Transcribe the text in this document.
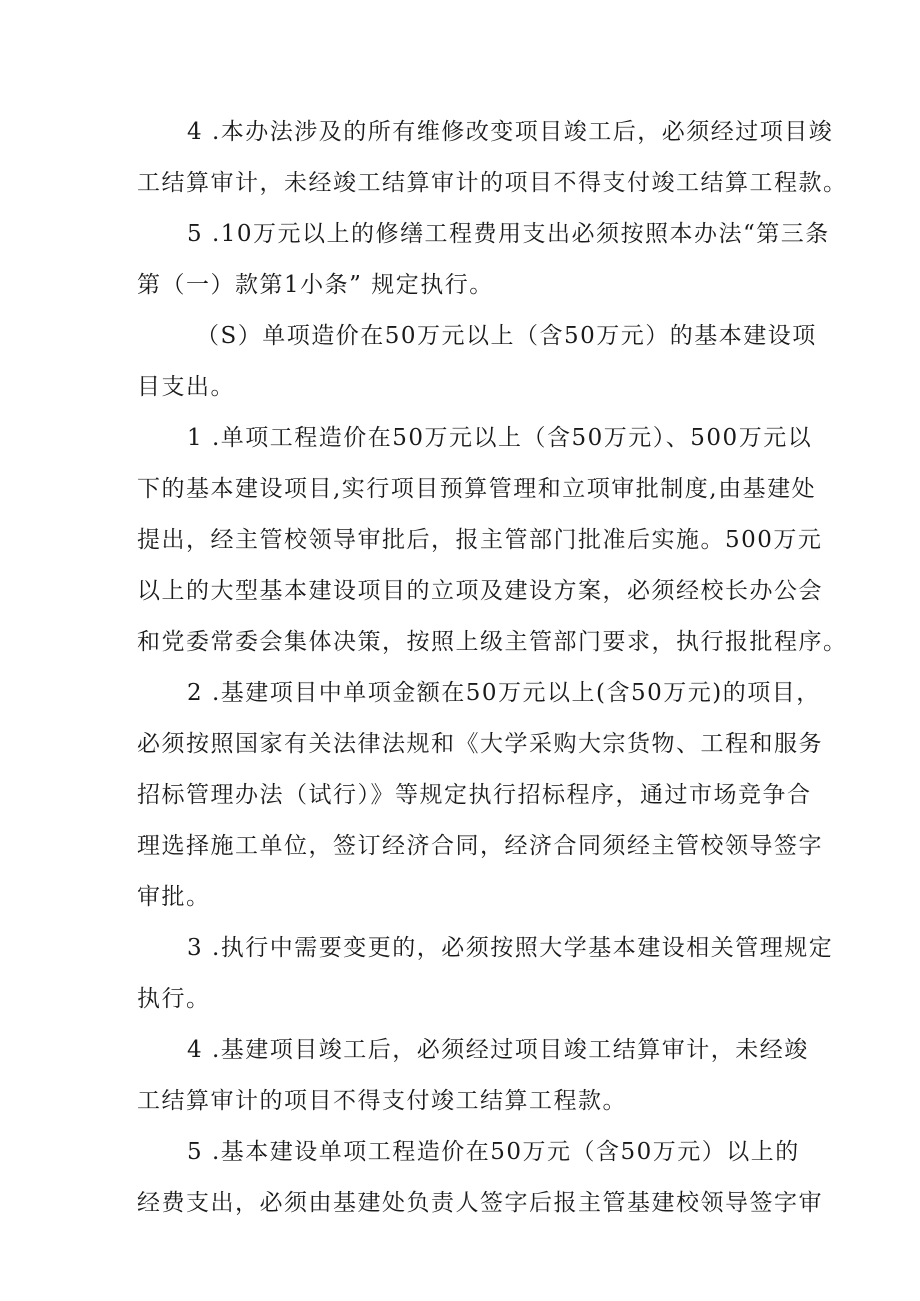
4 .本办法涉及的所有维修改变项目竣工后，必须经过项目竣
工结算审计，未经竣工结算审计的项目不得支付竣工结算工程款。
5 .10万元以上的修缮工程费用支出必须按照本办法“第三条
第（一）款第1小条” 规定执行。
（S）单项造价在50万元以上（含50万元）的基本建设项
目支出。
1 .单项工程造价在50万元以上（含50万元）、500万元以
下的基本建设项目,实行项目预算管理和立项审批制度,由基建处
提出，经主管校领导审批后，报主管部门批准后实施。500万元
以上的大型基本建设项目的立项及建设方案，必须经校长办公会
和党委常委会集体决策，按照上级主管部门要求，执行报批程序。
2 .基建项目中单项金额在50万元以上(含50万元)的项目，
必须按照国家有关法律法规和《大学采购大宗货物、工程和服务
招标管理办法（试行）》等规定执行招标程序，通过市场竞争合
理选择施工单位，签订经济合同，经济合同须经主管校领导签字
审批。
3 .执行中需要变更的，必须按照大学基本建设相关管理规定
执行。
4 .基建项目竣工后，必须经过项目竣工结算审计，未经竣
工结算审计的项目不得支付竣工结算工程款。
5 .基本建设单项工程造价在50万元（含50万元）以上的
经费支出，必须由基建处负责人签字后报主管基建校领导签字审
